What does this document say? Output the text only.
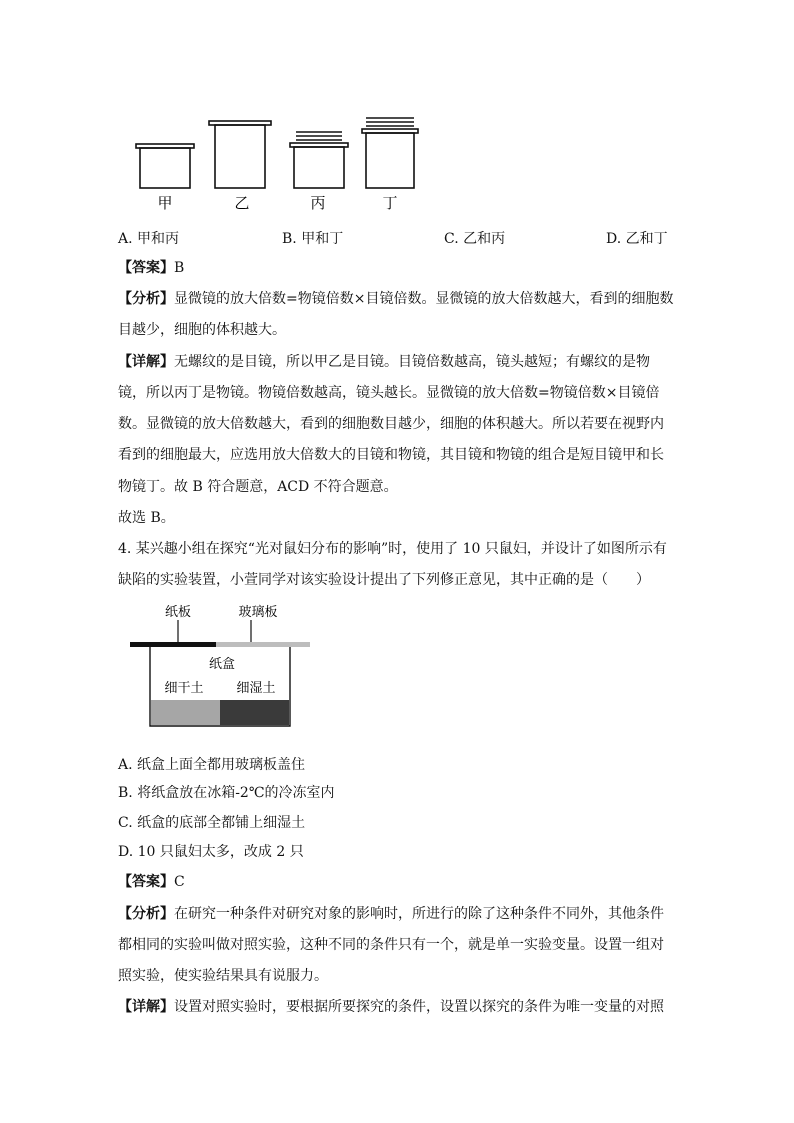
甲	乙	丙	丁
A. 甲和丙	B. 甲和丁	C. 乙和丙	D. 乙和丁
【答案】B
【分析】显微镜的放大倍数=物镜倍数×目镜倍数。显微镜的放大倍数越大，看到的细胞数
目越少，细胞的体积越大。
【详解】无螺纹的是目镜，所以甲乙是目镜。目镜倍数越高，镜头越短；有螺纹的是物
镜，所以丙丁是物镜。物镜倍数越高，镜头越长。显微镜的放大倍数=物镜倍数×目镜倍
数。显微镜的放大倍数越大，看到的细胞数目越少，细胞的体积越大。所以若要在视野内
看到的细胞最大，应选用放大倍数大的目镜和物镜，其目镜和物镜的组合是短目镜甲和长
物镜丁。故 B 符合题意，ACD 不符合题意。
故选 B。
4. 某兴趣小组在探究“光对鼠妇分布的影响”时，使用了 10 只鼠妇，并设计了如图所示有
缺陷的实验装置，小萱同学对该实验设计提出了下列修正意见，其中正确的是（　　）
纸板	玻璃板
纸盒
细干土	细湿土
A. 纸盒上面全都用玻璃板盖住
B. 将纸盒放在冰箱-2℃的冷冻室内
C. 纸盒的底部全都铺上细湿土
D. 10 只鼠妇太多，改成 2 只
【答案】C
【分析】在研究一种条件对研究对象的影响时，所进行的除了这种条件不同外，其他条件
都相同的实验叫做对照实验，这种不同的条件只有一个，就是单一实验变量。设置一组对
照实验，使实验结果具有说服力。
【详解】设置对照实验时，要根据所要探究的条件，设置以探究的条件为唯一变量的对照
